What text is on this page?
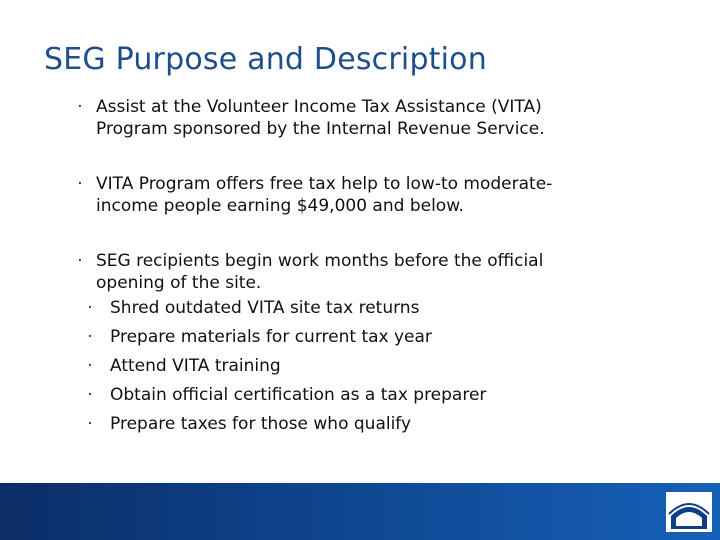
SEG Purpose and Description
· Assist at the Volunteer Income Tax Assistance (VITA)
Program sponsored by the Internal Revenue Service.
· VITA Program offers free tax help to low-to moderate-
income people earning $49,000 and below.
· SEG recipients begin work months before the official
opening of the site.
· Shred outdated VITA site tax returns
· Prepare materials for current tax year
· Attend VITA training
· Obtain official certification as a tax preparer
· Prepare taxes for those who qualify
